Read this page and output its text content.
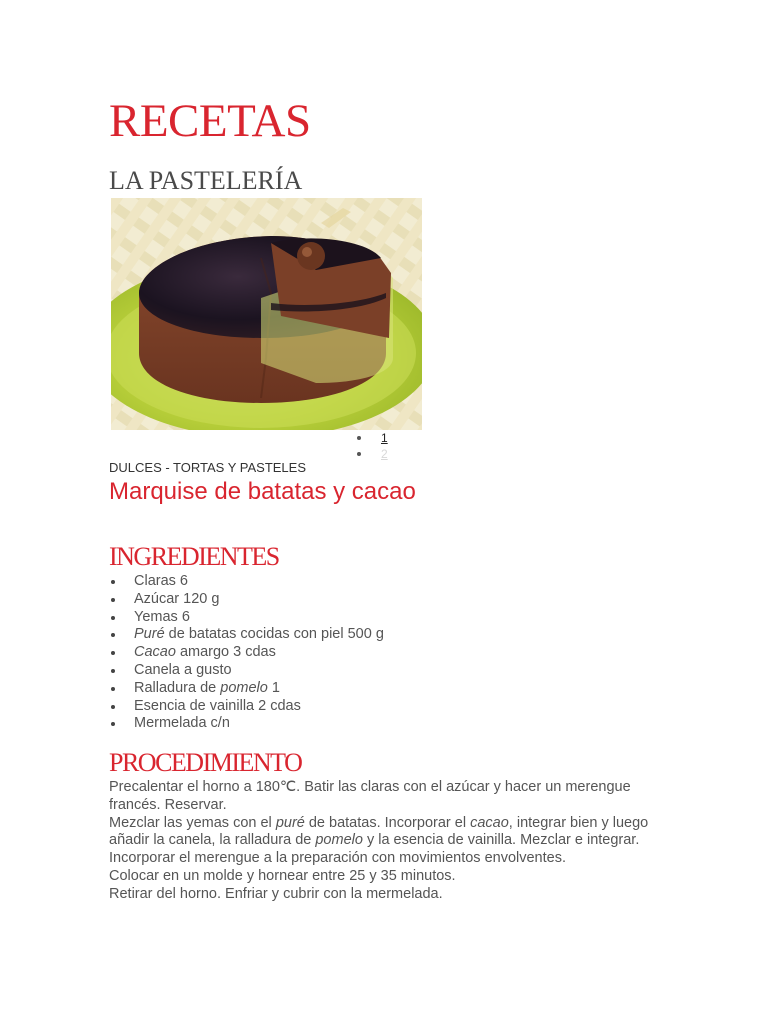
RECETAS
LA PASTELERÍA
1
2

DULCES - TORTAS Y PASTELES

Marquise de batatas y cacao
INGREDIENTES
Claras 6
Azúcar 120 g
Yemas 6
Puré de batatas cocidas con piel 500 g
Cacao amargo 3 cdas
Canela a gusto
Ralladura de pomelo 1
Esencia de vainilla 2 cdas
Mermelada c/n
PROCEDIMIENTO

Precalentar el horno a 180℃. Batir las claras con el azúcar y hacer un merengue francés. Reservar.

Mezclar las yemas con el puré de batatas. Incorporar el cacao, integrar bien y luego añadir la canela, la ralladura de pomelo y la esencia de vainilla. Mezclar e integrar.

Incorporar el merengue a la preparación con movimientos envolventes.

Colocar en un molde y hornear entre 25 y 35 minutos.

Retirar del horno. Enfriar y cubrir con la mermelada.
